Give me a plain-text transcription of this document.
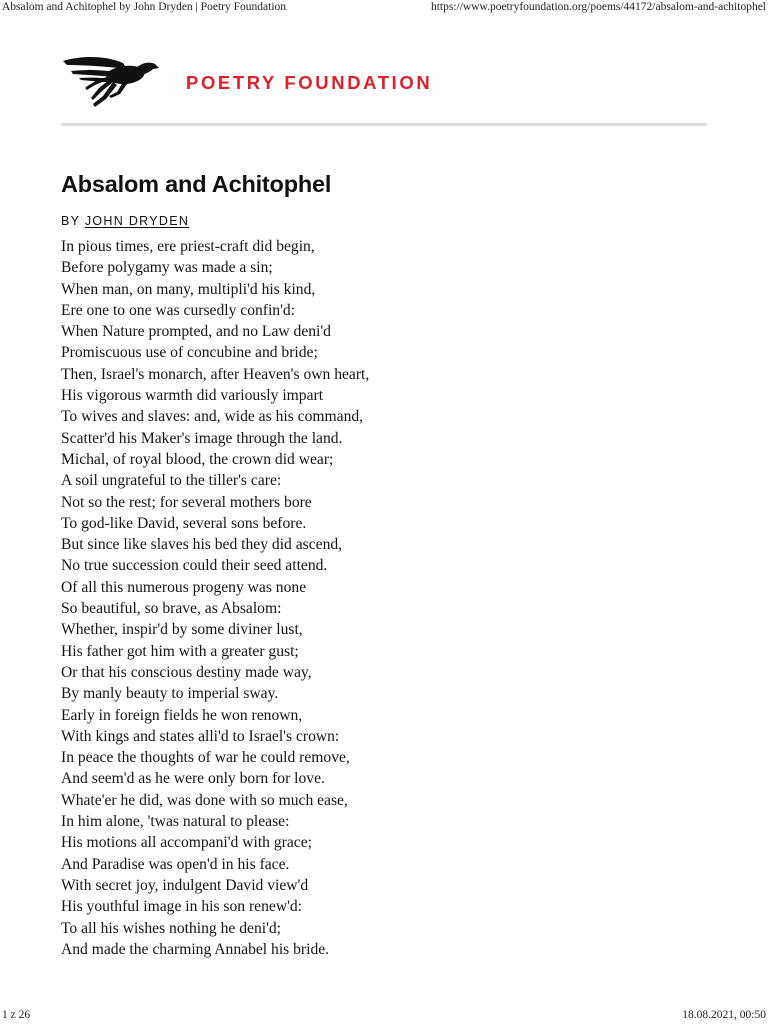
Absalom and Achitophel by John Dryden | Poetry Foundation	https://www.poetryfoundation.org/poems/44172/absalom-and-achitophel
POETRY FOUNDATION
Absalom and Achitophel
BY JOHN DRYDEN
In pious times, ere priest-craft did begin,
Before polygamy was made a sin;
When man, on many, multipli'd his kind,
Ere one to one was cursedly confin'd:
When Nature prompted, and no Law deni'd
Promiscuous use of concubine and bride;
Then, Israel's monarch, after Heaven's own heart,
His vigorous warmth did variously impart
To wives and slaves: and, wide as his command,
Scatter'd his Maker's image through the land.
Michal, of royal blood, the crown did wear;
A soil ungrateful to the tiller's care:
Not so the rest; for several mothers bore
To god-like David, several sons before.
But since like slaves his bed they did ascend,
No true succession could their seed attend.
Of all this numerous progeny was none
So beautiful, so brave, as Absalom:
Whether, inspir'd by some diviner lust,
His father got him with a greater gust;
Or that his conscious destiny made way,
By manly beauty to imperial sway.
Early in foreign fields he won renown,
With kings and states alli'd to Israel's crown:
In peace the thoughts of war he could remove,
And seem'd as he were only born for love.
Whate'er he did, was done with so much ease,
In him alone, 'twas natural to please:
His motions all accompani'd with grace;
And Paradise was open'd in his face.
With secret joy, indulgent David view'd
His youthful image in his son renew'd:
To all his wishes nothing he deni'd;
And made the charming Annabel his bride.
1 z 26	18.08.2021, 00:50
